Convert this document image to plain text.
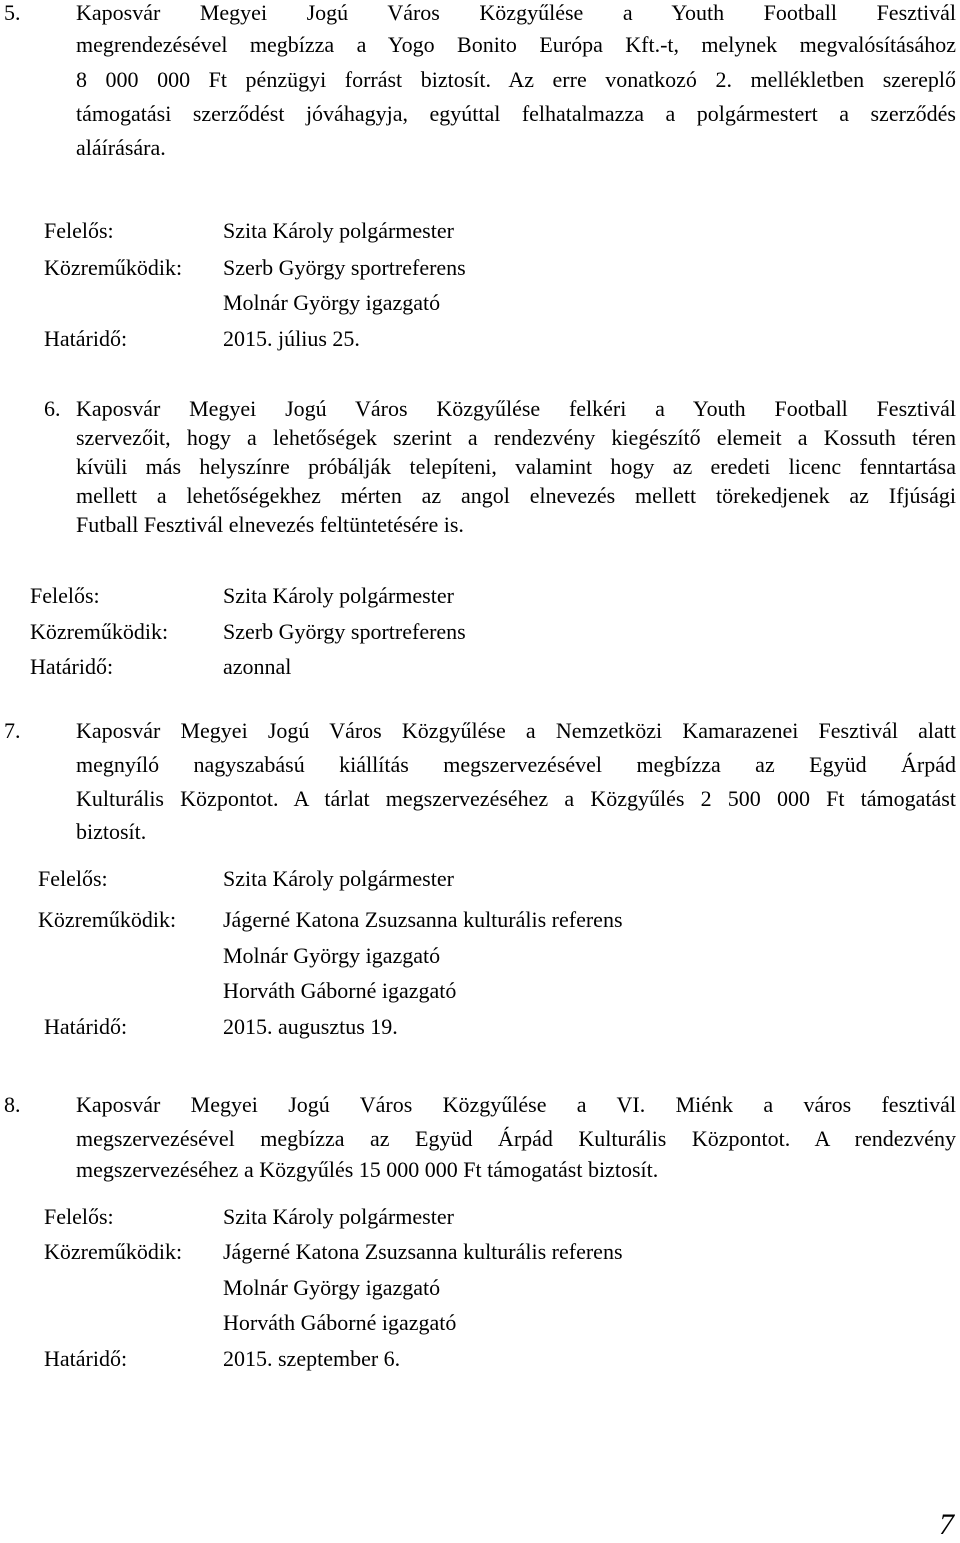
5.	Kaposvár Megyei Jogú Város Közgyűlése a Youth Football Fesztivál
megrendezésével megbízza a Yogo Bonito Európa Kft.-t, melynek megvalósításához
8 000 000 Ft pénzügyi forrást biztosít. Az erre vonatkozó 2. mellékletben szereplő
támogatási szerződést jóváhagyja, egyúttal felhatalmazza a polgármestert a szerződés
aláírására.
Felelős:	Szita Károly polgármester
Közreműködik: Szerb György sportreferens
Molnár György igazgató
Határidő:	2015. július 25.
6. Kaposvár Megyei Jogú Város Közgyűlése felkéri a Youth Football Fesztivál
szervezőit, hogy a lehetőségek szerint a rendezvény kiegészítő elemeit a Kossuth téren
kívüli más helyszínre próbálják telepíteni, valamint hogy az eredeti licenc fenntartása
mellett a lehetőségekhez mérten az angol elnevezés mellett törekedjenek az Ifjúsági
Futball Fesztivál elnevezés feltüntetésére is.
Felelős:	Szita Károly polgármester
Közreműködik: Szerb György sportreferens
Határidő:	azonnal
7.	Kaposvár Megyei Jogú Város Közgyűlése a Nemzetközi Kamarazenei Fesztivál alatt
megnyíló nagyszabású kiállítás megszervezésével megbízza az Együd Árpád
Kulturális Központot. A tárlat megszervezéséhez a Közgyűlés 2 500 000 Ft támogatást
biztosít.
Felelős:	Szita Károly polgármester
Közreműködik: Jágerné Katona Zsuzsanna kulturális referens
Molnár György igazgató
Horváth Gáborné igazgató
Határidő:	2015. augusztus 19.
8.	Kaposvár Megyei Jogú Város Közgyűlése a VI. Miénk a város fesztivál
megszervezésével megbízza az Együd Árpád Kulturális Központot. A rendezvény
megszervezéséhez a Közgyűlés 15 000 000 Ft támogatást biztosít.
Felelős:	Szita Károly polgármester
Közreműködik: Jágerné Katona Zsuzsanna kulturális referens
Molnár György igazgató
Horváth Gáborné igazgató
Határidő:	2015. szeptember 6.
7
